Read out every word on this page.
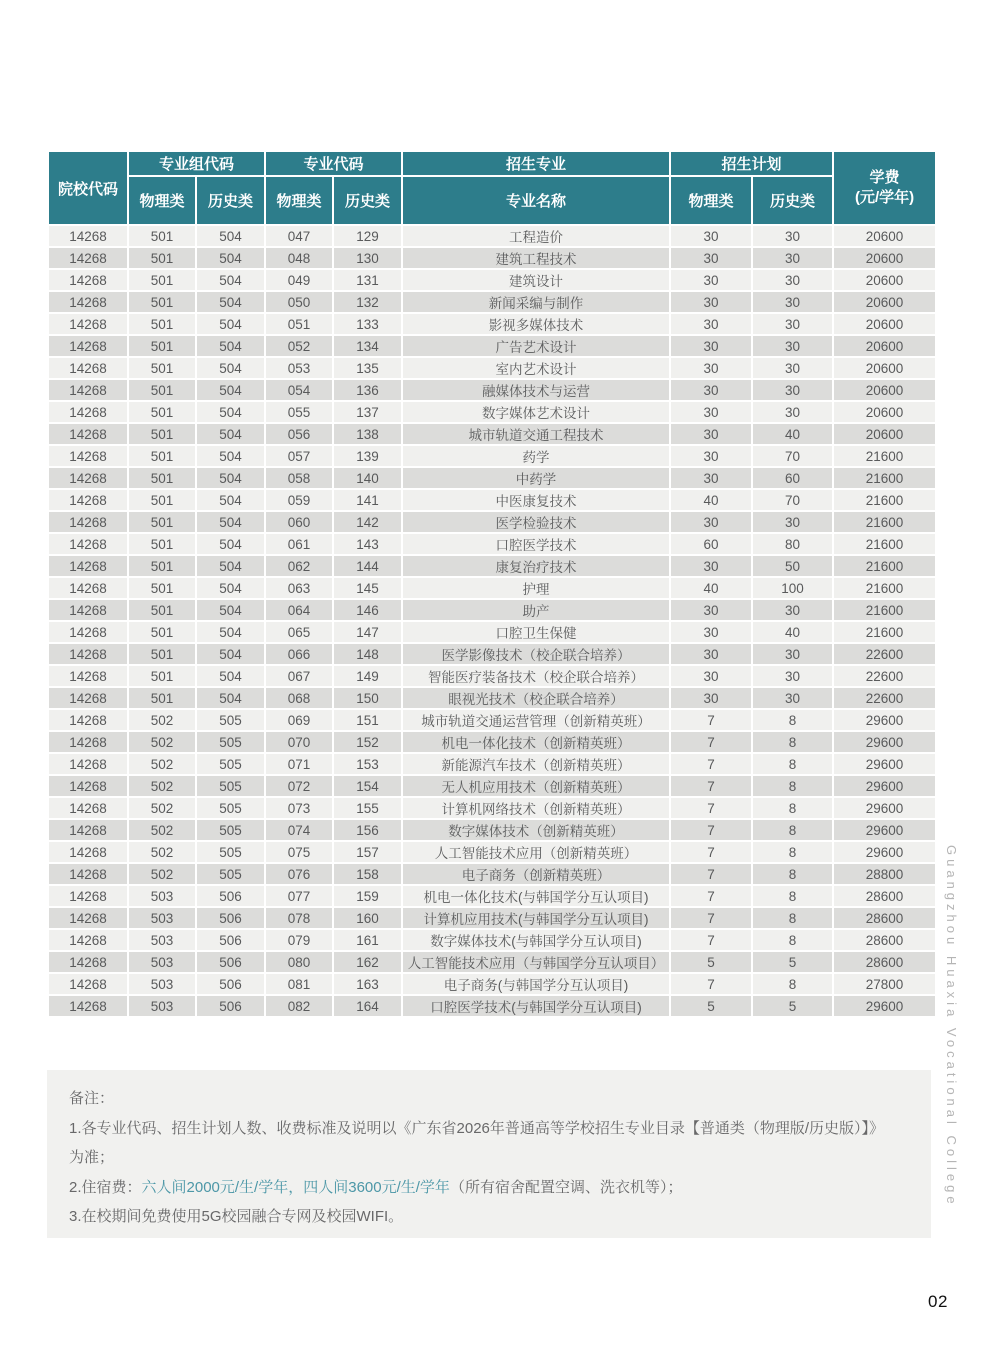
院校代码	专业组代码		专业代码		招生专业	招生计划		学费
(元/学年)

	物理类	历史类	物理类	历史类	专业名称	物理类	历史类	
14268	501	504	047	129	工程造价	30	30	20600
14268	501	504	048	130	建筑工程技术	30	30	20600
14268	501	504	049	131	建筑设计	30	30	20600
14268	501	504	050	132	新闻采编与制作	30	30	20600
14268	501	504	051	133	影视多媒体技术	30	30	20600
14268	501	504	052	134	广告艺术设计	30	30	20600
14268	501	504	053	135	室内艺术设计	30	30	20600
14268	501	504	054	136	融媒体技术与运营	30	30	20600
14268	501	504	055	137	数字媒体艺术设计	30	30	20600
14268	501	504	056	138	城市轨道交通工程技术	30	40	20600
14268	501	504	057	139	药学	30	70	21600
14268	501	504	058	140	中药学	30	60	21600
14268	501	504	059	141	中医康复技术	40	70	21600
14268	501	504	060	142	医学检验技术	30	30	21600
14268	501	504	061	143	口腔医学技术	60	80	21600
14268	501	504	062	144	康复治疗技术	30	50	21600
14268	501	504	063	145	护理	40	100	21600
14268	501	504	064	146	助产	30	30	21600
14268	501	504	065	147	口腔卫生保健	30	40	21600
14268	501	504	066	148	医学影像技术（校企联合培养）	30	30	22600
14268	501	504	067	149	智能医疗装备技术（校企联合培养）	30	30	22600
14268	501	504	068	150	眼视光技术（校企联合培养）	30	30	22600
14268	502	505	069	151	城市轨道交通运营管理（创新精英班）	7	8	29600
14268	502	505	070	152	机电一体化技术（创新精英班）	7	8	29600
14268	502	505	071	153	新能源汽车技术（创新精英班）	7	8	29600
14268	502	505	072	154	无人机应用技术（创新精英班）	7	8	29600
14268	502	505	073	155	计算机网络技术（创新精英班）	7	8	29600
14268	502	505	074	156	数字媒体技术（创新精英班）	7	8	29600
14268	502	505	075	157	人工智能技术应用（创新精英班）	7	8	29600
14268	502	505	076	158	电子商务（创新精英班）	7	8	28800
14268	503	506	077	159	机电一体化技术(与韩国学分互认项目)	7	8	28600
14268	503	506	078	160	计算机应用技术(与韩国学分互认项目)	7	8	28600
14268	503	506	079	161	数字媒体技术(与韩国学分互认项目)	7	8	28600
14268	503	506	080	162	人工智能技术应用（与韩国学分互认项目）	5	5	28600
14268	503	506	081	163	电子商务(与韩国学分互认项目)	7	8	27800
14268	503	506	082	164	口腔医学技术(与韩国学分互认项目)	5	5	29600
备注：
1.各专业代码、招生计划人数、收费标准及说明以《广东省2026年普通高等学校招生专业目录【普通类（物理版/历史版）】》
为准；
2.住宿费：六人间2000元/生/学年，四人间3600元/生/学年（所有宿舍配置空调、洗衣机等）；
3.在校期间免费使用5G校园融合专网及校园WIFI。
Guangzhou Huaxia Vocational College
02
